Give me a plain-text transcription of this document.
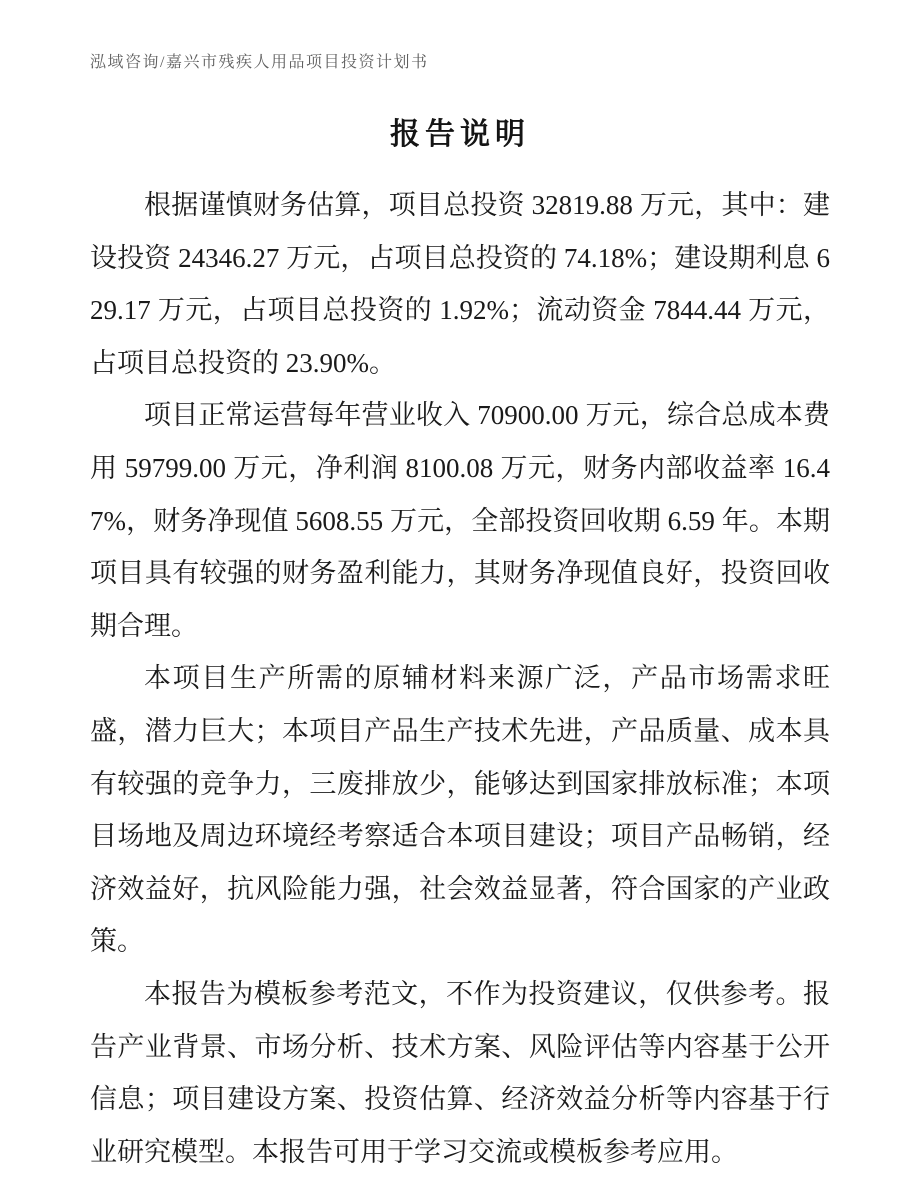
泓域咨询/嘉兴市残疾人用品项目投资计划书
报告说明

根据谨慎财务估算，项目总投资 32819.88 万元，其中：建设投资 24346.27 万元，占项目总投资的 74.18%；建设期利息 629.17 万元，占项目总投资的 1.92%；流动资金 7844.44 万元，占项目总投资的 23.90%。

项目正常运营每年营业收入 70900.00 万元，综合总成本费用 59799.00 万元，净利润 8100.08 万元，财务内部收益率 16.47%，财务净现值 5608.55 万元，全部投资回收期 6.59 年。本期项目具有较强的财务盈利能力，其财务净现值良好，投资回收期合理。

本项目生产所需的原辅材料来源广泛，产品市场需求旺盛，潜力巨大；本项目产品生产技术先进，产品质量、成本具有较强的竞争力，三废排放少，能够达到国家排放标准；本项目场地及周边环境经考察适合本项目建设；项目产品畅销，经济效益好，抗风险能力强，社会效益显著，符合国家的产业政策。

本报告为模板参考范文，不作为投资建议，仅供参考。报告产业背景、市场分析、技术方案、风险评估等内容基于公开信息；项目建设方案、投资估算、经济效益分析等内容基于行业研究模型。本报告可用于学习交流或模板参考应用。
